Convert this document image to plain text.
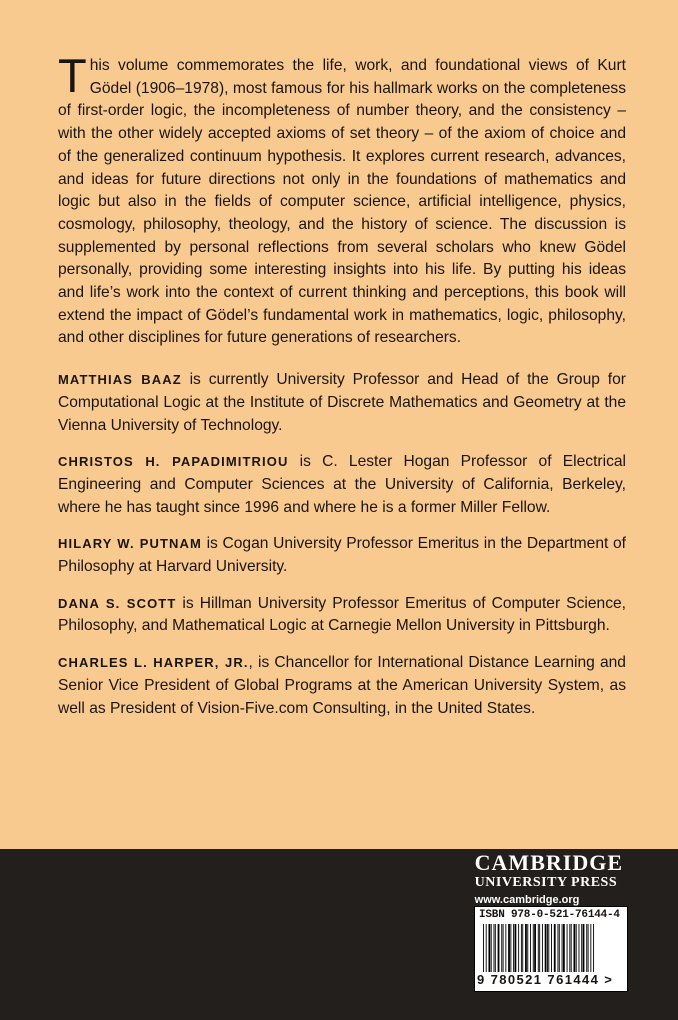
This volume commemorates the life, work, and foundational views of Kurt Gödel (1906–1978), most famous for his hallmark works on the completeness of first-order logic, the incompleteness of number theory, and the consistency – with the other widely accepted axioms of set theory – of the axiom of choice and of the generalized continuum hypothesis. It explores current research, advances, and ideas for future directions not only in the foundations of mathematics and logic but also in the fields of computer science, artificial intelligence, physics, cosmology, philosophy, theology, and the history of science. The discussion is supplemented by personal reflections from several scholars who knew Gödel personally, providing some interesting insights into his life. By putting his ideas and life’s work into the context of current thinking and perceptions, this book will extend the impact of Gödel’s fundamental work in mathematics, logic, philosophy, and other disciplines for future generations of researchers.

MATTHIAS BAAZ is currently University Professor and Head of the Group for Computational Logic at the Institute of Discrete Mathematics and Geometry at the Vienna University of Technology.

CHRISTOS H. PAPADIMITRIOU is C. Lester Hogan Professor of Electrical Engineering and Computer Sciences at the University of California, Berkeley, where he has taught since 1996 and where he is a former Miller Fellow.

HILARY W. PUTNAM is Cogan University Professor Emeritus in the Department of Philosophy at Harvard University.

DANA S. SCOTT is Hillman University Professor Emeritus of Computer Science, Philosophy, and Mathematical Logic at Carnegie Mellon University in Pittsburgh.

CHARLES L. HARPER, JR., is Chancellor for International Distance Learning and Senior Vice President of Global Programs at the American University System, as well as President of Vision-Five.com Consulting, in the United States.

CAMBRIDGE
UNIVERSITY PRESS
www.cambridge.org
ISBN 978-0-521-76144-4
9 780521 761444 >
